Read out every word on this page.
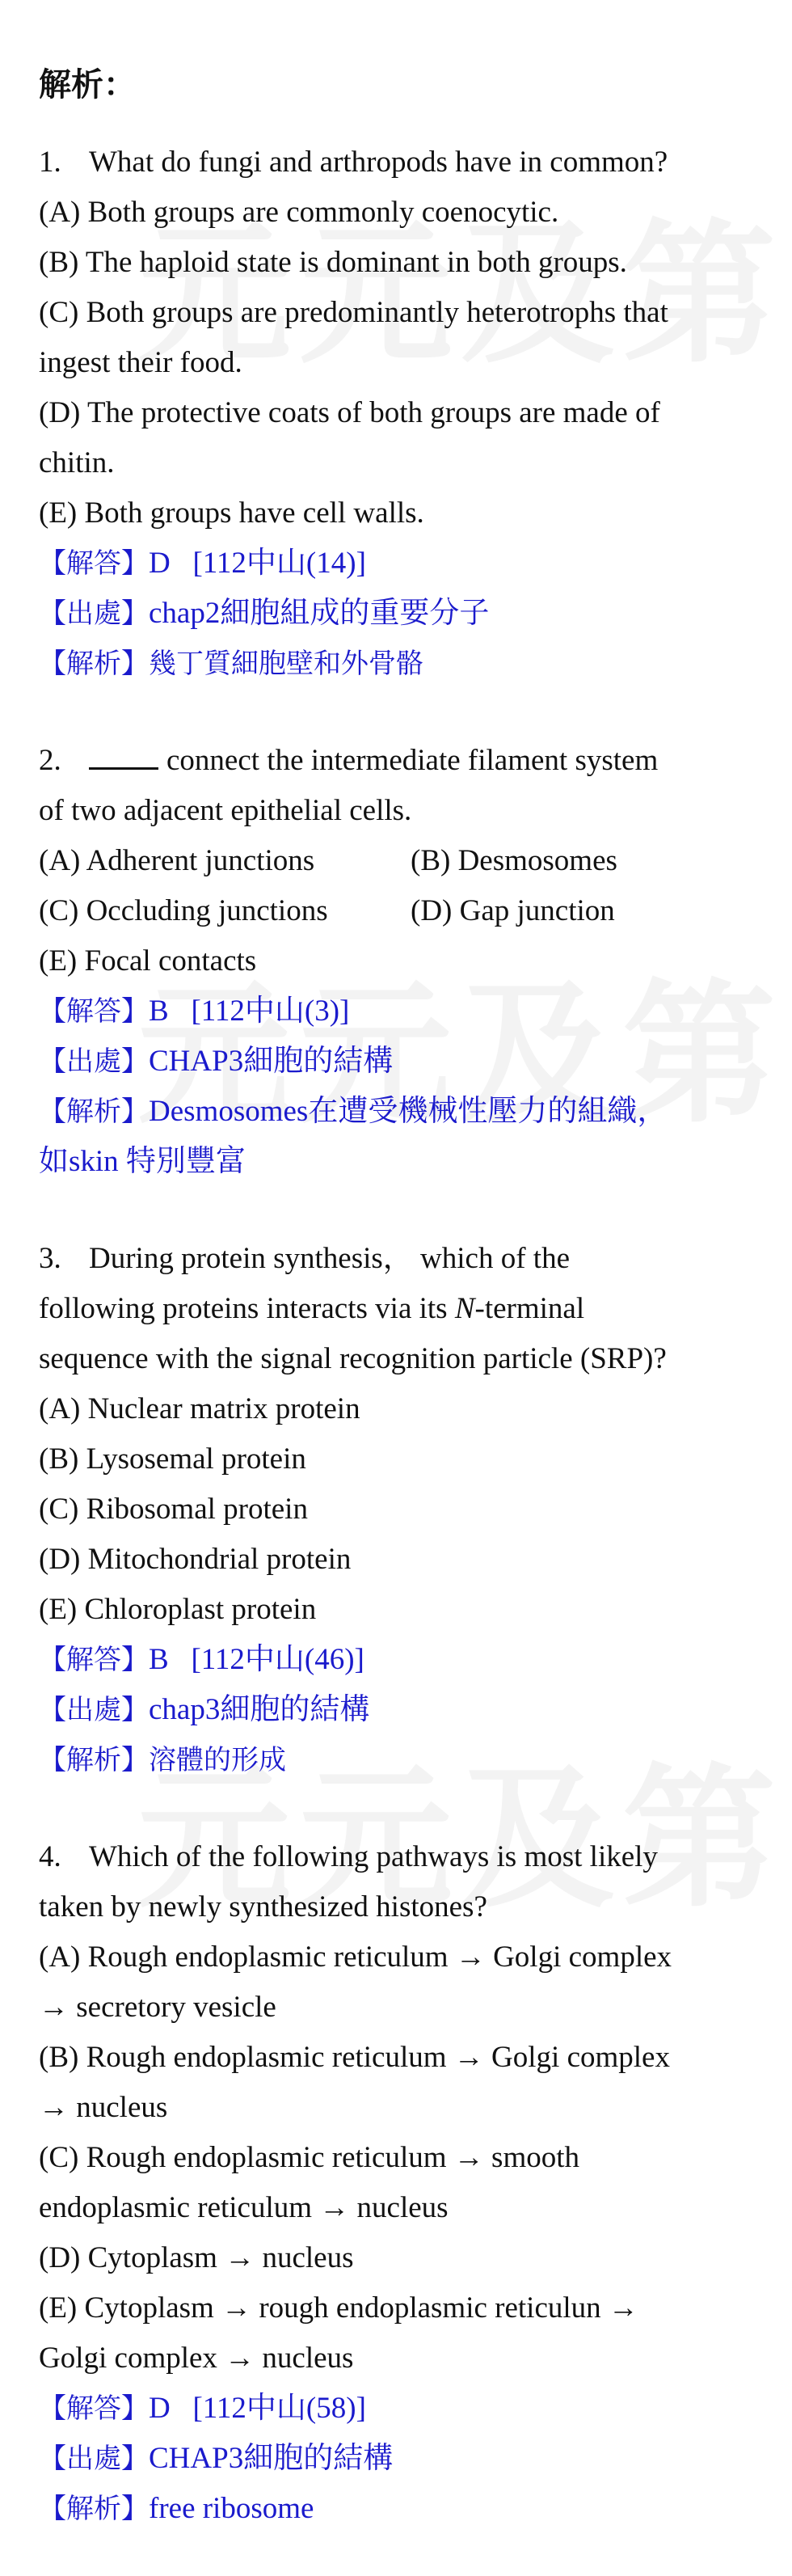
解析：
1. What do fungi and arthropods have in common?
(A) Both groups are commonly coenocytic.
(B) The haploid state is dominant in both groups.
(C) Both groups are predominantly heterotrophs that
ingest their food.
(D) The protective coats of both groups are made of
chitin.
(E) Both groups have cell walls.
【解答】D [112中山(14)]
【出處】chap2細胞組成的重要分子
【解析】幾丁質細胞壁和外骨骼
2.	connect the intermediate filament system
of two adjacent epithelial cells.
(A) Adherent junctions	(B) Desmosomes
(C) Occluding junctions	(D) Gap junction
(E) Focal contacts
【解答】B [112中山(3)]
【出處】CHAP3細胞的結構
【解析】Desmosomes在遭受機械性壓力的組織，
如skin 特別豐富
3. During protein synthesis， which of the
following proteins interacts via its N-terminal
sequence with the signal recognition particle (SRP)?
(A) Nuclear matrix protein
(B) Lysosemal protein
(C) Ribosomal protein
(D) Mitochondrial protein
(E) Chloroplast protein
【解答】B [112中山(46)]
【出處】chap3細胞的結構
【解析】溶體的形成
4. Which of the following pathways is most likely
taken by newly synthesized histones?
(A) Rough endoplasmic reticulum → Golgi complex
→ secretory vesicle
(B) Rough endoplasmic reticulum → Golgi complex
→ nucleus
(C) Rough endoplasmic reticulum → smooth
endoplasmic reticulum → nucleus
(D) Cytoplasm → nucleus
(E) Cytoplasm → rough endoplasmic reticulun →
Golgi complex → nucleus
【解答】D [112中山(58)]
【出處】CHAP3細胞的結構
【解析】free ribosome
